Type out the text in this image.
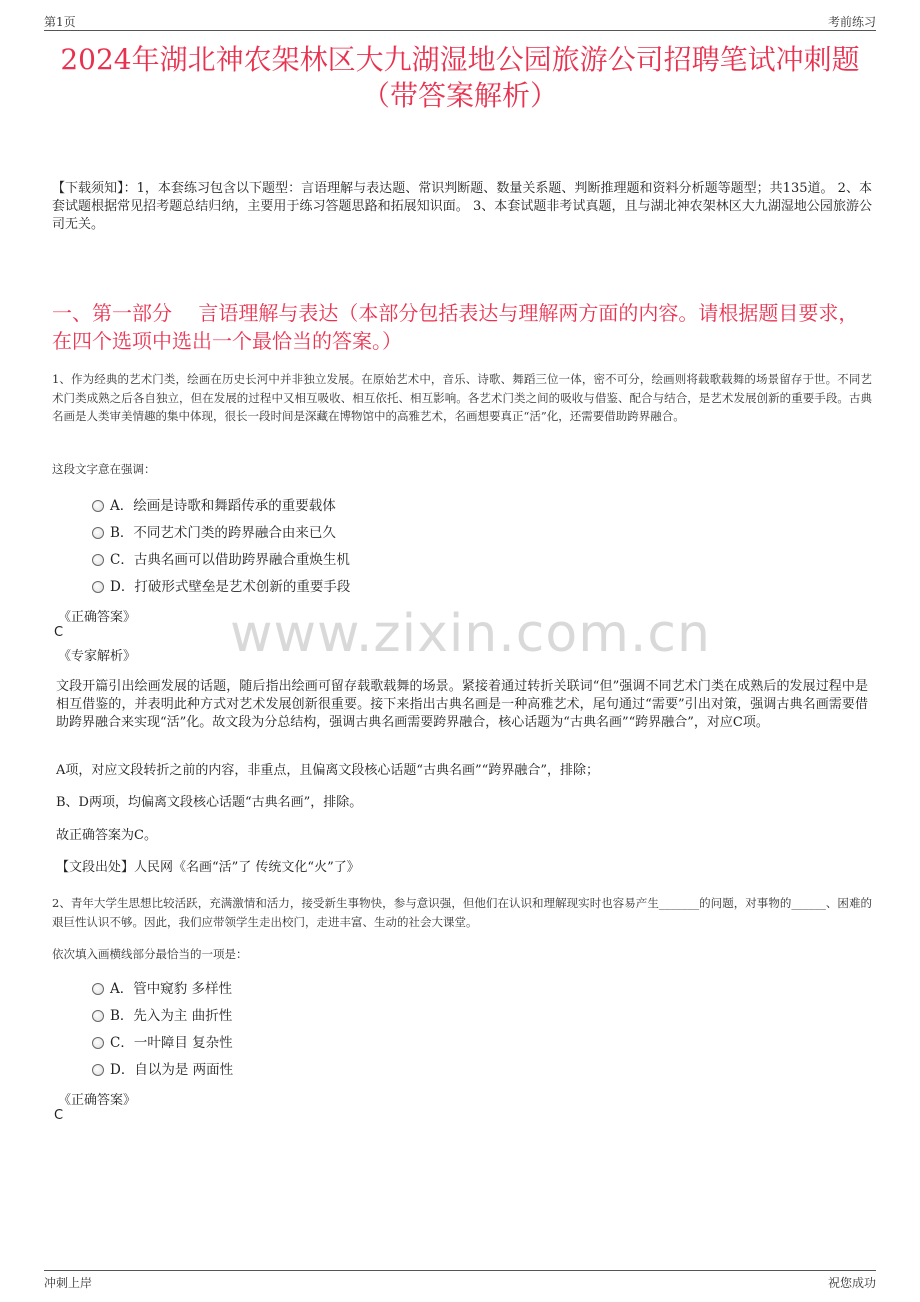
第1页	考前练习
2024年湖北神农架林区大九湖湿地公园旅游公司招聘笔试冲刺题（带答案解析）
【下载须知】：1，本套练习包含以下题型：言语理解与表达题、常识判断题、数量关系题、判断推理题和资料分析题等题型；共135道。 2、本套试题根据常见招考题总结归纳，主要用于练习答题思路和拓展知识面。 3、本套试题非考试真题，且与湖北神农架林区大九湖湿地公园旅游公司无关。
一、第一部分　 言语理解与表达（本部分包括表达与理解两方面的内容。请根据题目要求，在四个选项中选出一个最恰当的答案。）
www.zixin.com.cn
1、作为经典的艺术门类，绘画在历史长河中并非独立发展。在原始艺术中，音乐、诗歌、舞蹈三位一体，密不可分，绘画则将载歌载舞的场景留存于世。不同艺术门类成熟之后各自独立，但在发展的过程中又相互吸收、相互依托、相互影响。各艺术门类之间的吸收与借鉴、配合与结合，是艺术发展创新的重要手段。古典名画是人类审美情趣的集中体现，很长一段时间是深藏在博物馆中的高雅艺术，名画想要真正“活”化，还需要借助跨界融合。
这段文字意在强调：
A．绘画是诗歌和舞蹈传承的重要载体
B．不同艺术门类的跨界融合由来已久
C．古典名画可以借助跨界融合重焕生机
D．打破形式壁垒是艺术创新的重要手段
《正确答案》
C
《专家解析》
文段开篇引出绘画发展的话题，随后指出绘画可留存载歌载舞的场景。紧接着通过转折关联词“但”强调不同艺术门类在成熟后的发展过程中是相互借鉴的，并表明此种方式对艺术发展创新很重要。接下来指出古典名画是一种高雅艺术，尾句通过“需要”引出对策，强调古典名画需要借助跨界融合来实现“活”化。故文段为分总结构，强调古典名画需要跨界融合，核心话题为“古典名画”“跨界融合”，对应C项。
A项，对应文段转折之前的内容，非重点，且偏离文段核心话题“古典名画”“跨界融合”，排除；
B、D两项，均偏离文段核心话题“古典名画”，排除。
故正确答案为C。
【文段出处】人民网《名画“活”了 传统文化“火”了》
2、青年大学生思想比较活跃，充满激情和活力，接受新生事物快，参与意识强，但他们在认识和理解现实时也容易产生_______的问题，对事物的______、困难的艰巨性认识不够。因此，我们应带领学生走出校门，走进丰富、生动的社会大课堂。
依次填入画横线部分最恰当的一项是：
A．管中窥豹 多样性
B．先入为主 曲折性
C．一叶障目 复杂性
D．自以为是 两面性
《正确答案》
C
冲刺上岸	祝您成功
